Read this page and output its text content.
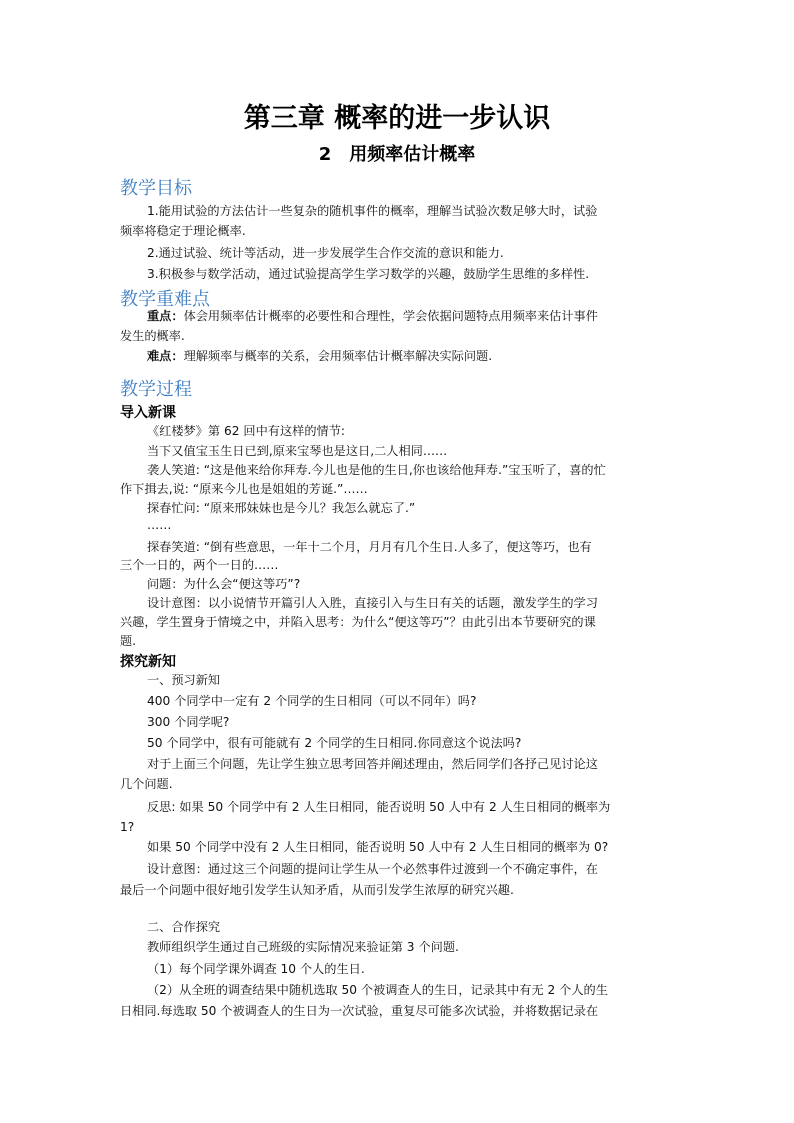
第三章 概率的进一步认识
2 用频率估计概率
教学目标
1.能用试验的方法估计一些复杂的随机事件的概率，理解当试验次数足够大时，试验
频率将稳定于理论概率.
2.通过试验、统计等活动，进一步发展学生合作交流的意识和能力.
3.积极参与数学活动，通过试验提高学生学习数学的兴趣，鼓励学生思维的多样性.
教学重难点
重点：体会用频率估计概率的必要性和合理性，学会依据问题特点用频率来估计事件
发生的概率.
难点：理解频率与概率的关系，会用频率估计概率解决实际问题.
教学过程
导入新课
《红楼梦》第 62 回中有这样的情节:
当下又值宝玉生日已到,原来宝琴也是这日,二人相同……
袭人笑道: “这是他来给你拜寿.今儿也是他的生日,你也该给他拜寿.”宝玉听了，喜的忙
作下揖去,说: “原来今儿也是姐姐的芳诞.”……
探春忙问: “原来邢妹妹也是今儿？我怎么就忘了.”
……
探春笑道: “倒有些意思，一年十二个月，月月有几个生日.人多了，便这等巧，也有
三个一日的，两个一日的……
问题：为什么会“便这等巧”?
设计意图：以小说情节开篇引人入胜，直接引入与生日有关的话题，激发学生的学习
兴趣，学生置身于情境之中，并陷入思考：为什么“便这等巧”？由此引出本节要研究的课
题.
探究新知
一、预习新知
400 个同学中一定有 2 个同学的生日相同（可以不同年）吗?
300 个同学呢?
50 个同学中，很有可能就有 2 个同学的生日相同.你同意这个说法吗?
对于上面三个问题，先让学生独立思考回答并阐述理由，然后同学们各抒己见讨论这
几个问题.
反思: 如果 50 个同学中有 2 人生日相同，能否说明 50 人中有 2 人生日相同的概率为
1?
如果 50 个同学中没有 2 人生日相同，能否说明 50 人中有 2 人生日相同的概率为 0?
设计意图：通过这三个问题的提问让学生从一个必然事件过渡到一个不确定事件，在
最后一个问题中很好地引发学生认知矛盾，从而引发学生浓厚的研究兴趣.
二、合作探究
教师组织学生通过自己班级的实际情况来验证第 3 个问题.
（1）每个同学课外调查 10 个人的生日.
（2）从全班的调查结果中随机选取 50 个被调查人的生日，记录其中有无 2 个人的生
日相同.每选取 50 个被调查人的生日为一次试验，重复尽可能多次试验，并将数据记录在
